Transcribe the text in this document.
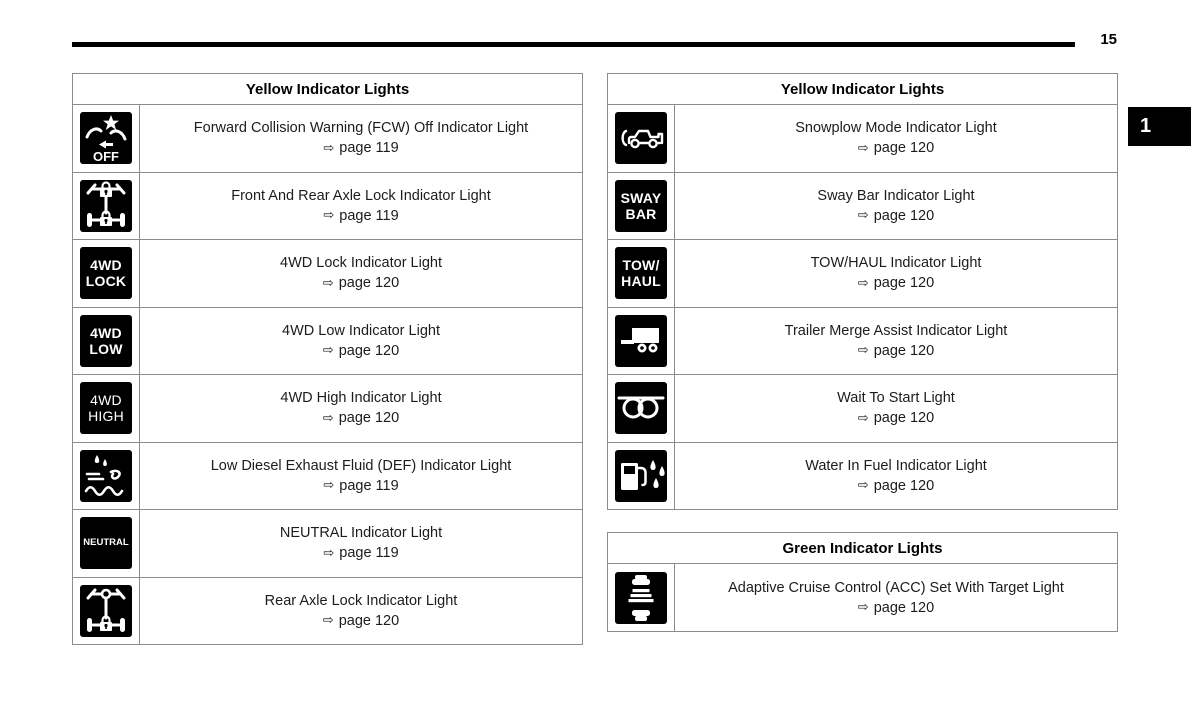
15
1
Yellow Indicator Lights
OFF
Forward Collision Warning (FCW) Off Indicator Light
⇨ page 119
Front And Rear Axle Lock Indicator Light
⇨ page 119
4WD
LOCK
4WD Lock Indicator Light
⇨ page 120
4WD
LOW
4WD Low Indicator Light
⇨ page 120
4WD
HIGH
4WD High Indicator Light
⇨ page 120
Low Diesel Exhaust Fluid (DEF) Indicator Light
⇨ page 119
NEUTRAL
NEUTRAL Indicator Light
⇨ page 119
Rear Axle Lock Indicator Light
⇨ page 120
Yellow Indicator Lights
Snowplow Mode Indicator Light
⇨ page 120
SWAY
BAR
Sway Bar Indicator Light
⇨ page 120
TOW/
HAUL
TOW/HAUL Indicator Light
⇨ page 120
Trailer Merge Assist Indicator Light
⇨ page 120
Wait To Start Light
⇨ page 120
Water In Fuel Indicator Light
⇨ page 120
Green Indicator Lights
Adaptive Cruise Control (ACC) Set With Target Light
⇨ page 120
